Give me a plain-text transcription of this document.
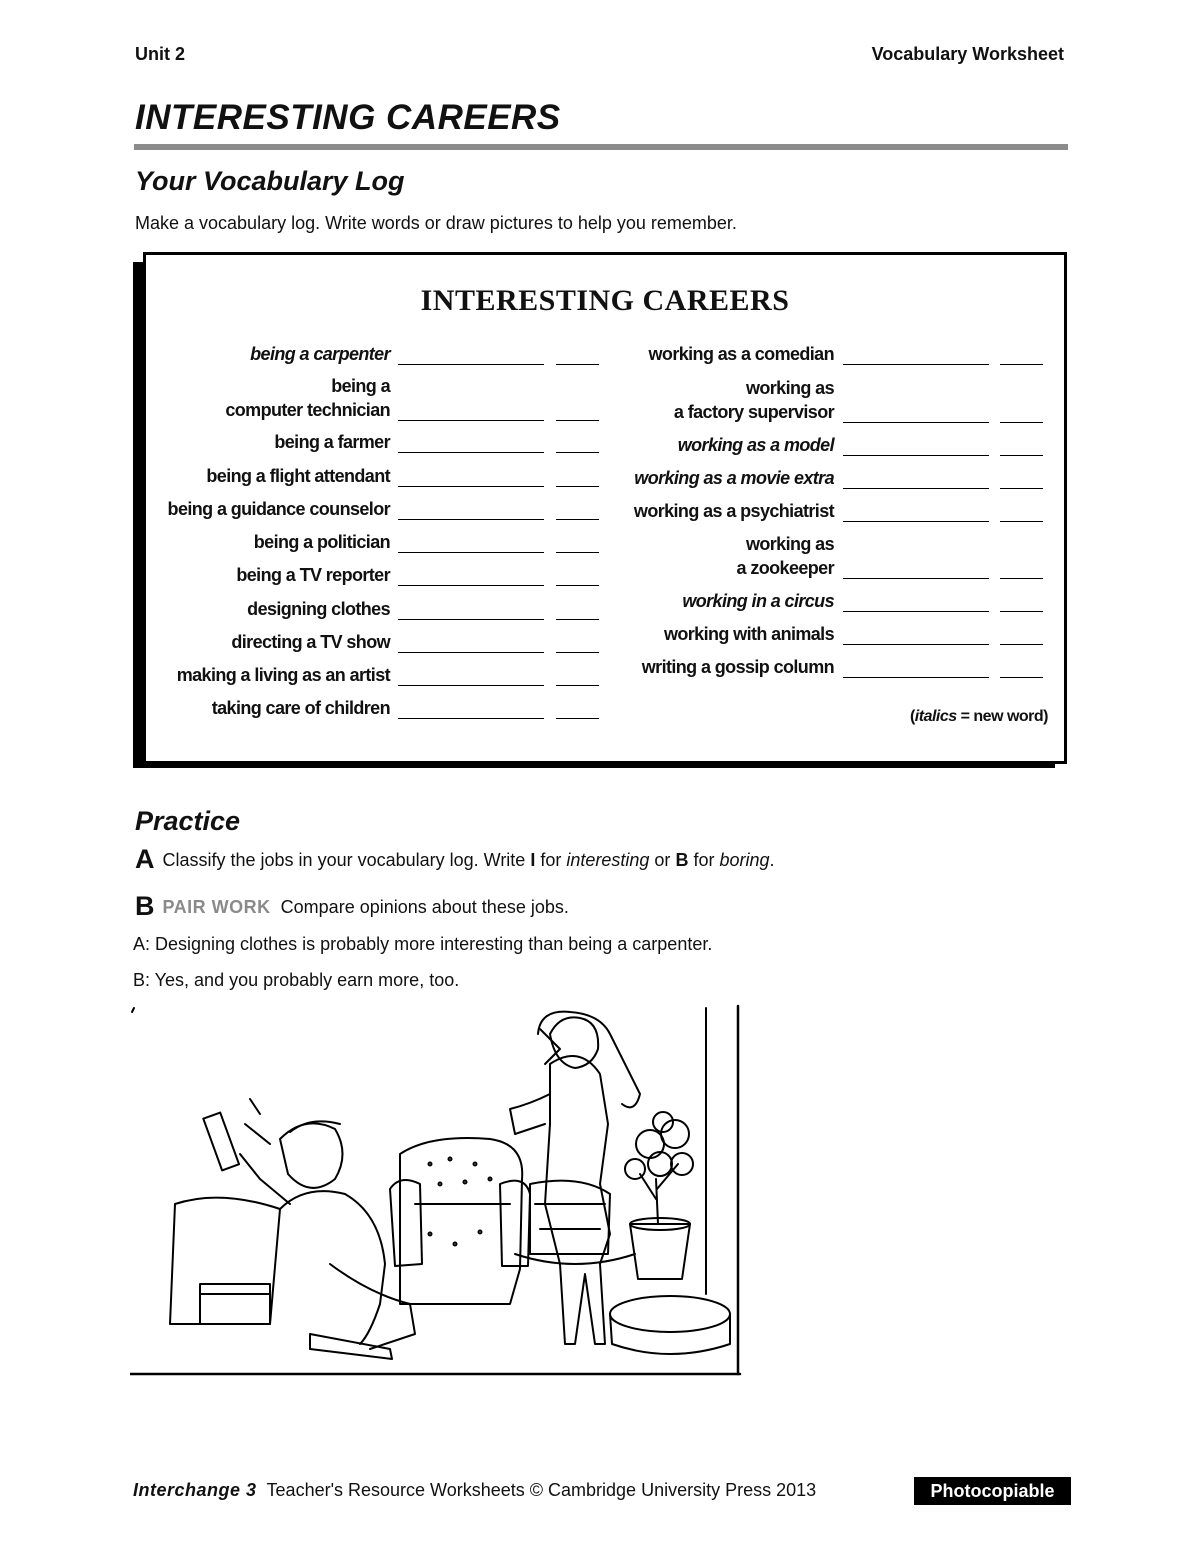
Unit 2	Vocabulary Worksheet
INTERESTING CAREERS
Your Vocabulary Log
Make a vocabulary log. Write words or draw pictures to help you remember.
INTERESTING CAREERS
being a carpenter
being a
computer technician
being a farmer
being a flight attendant
being a guidance counselor
being a politician
being a TV reporter
designing clothes
directing a TV show
making a living as an artist
taking care of children
working as a comedian
working as
a factory supervisor
working as a model
working as a movie extra
working as a psychiatrist
working as
a zookeeper
working in a circus
working with animals
writing a gossip column
(italics = new word)
Practice
A Classify the jobs in your vocabulary log. Write I for interesting or B for boring.
BPAIR WORK Compare opinions about these jobs.
A: Designing clothes is probably more interesting than being a carpenter.
B: Yes, and you probably earn more, too.
Interchange 3 Teacher's Resource Worksheets © Cambridge University Press 2013	Photocopiable
